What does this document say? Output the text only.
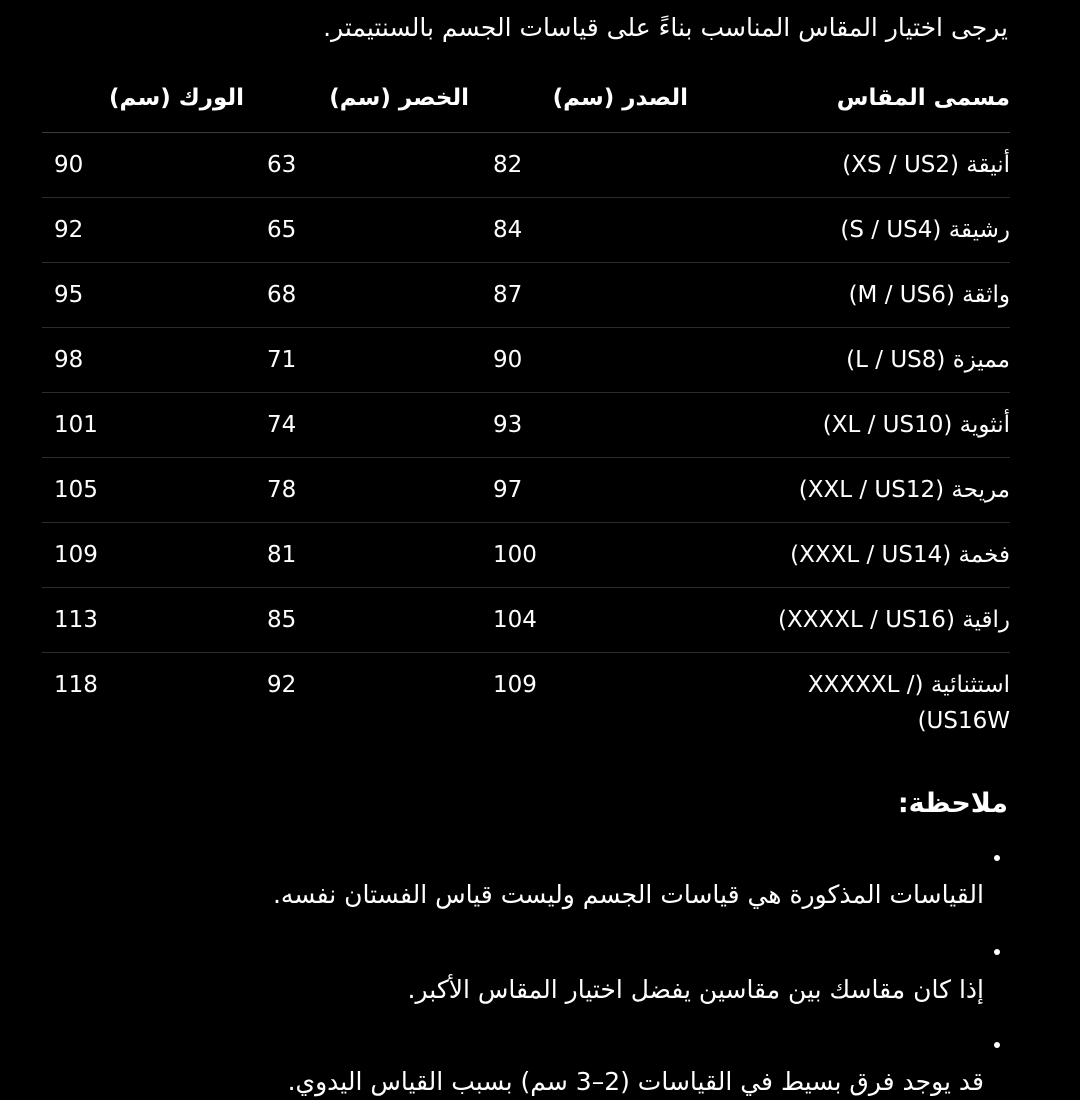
يرجى اختيار المقاس المناسب بناءً على قياسات الجسم بالسنتيمتر.
مسمى المقاس
الصدر (سم)
الخصر (سم)
الورك (سم)
أنيقة (XS / US2)
82
63
90
رشيقة (S / US4)
84
65
92
واثقة (M / US6)
87
68
95
مميزة (L / US8)
90
71
98
أنثوية (XL / US10)
93
74
101
مريحة (XXL / US12)
97
78
105
فخمة (XXXL / US14)
100
81
109
راقية (XXXXL / US16)
104
85
113
استثنائية (XXXXXL / US16W)
109
92
118
ملاحظة:
القياسات المذكورة هي قياسات الجسم وليست قياس الفستان نفسه.
إذا كان مقاسك بين مقاسين يفضل اختيار المقاس الأكبر.
قد يوجد فرق بسيط في القياسات (2–3 سم) بسبب القياس اليدوي.
